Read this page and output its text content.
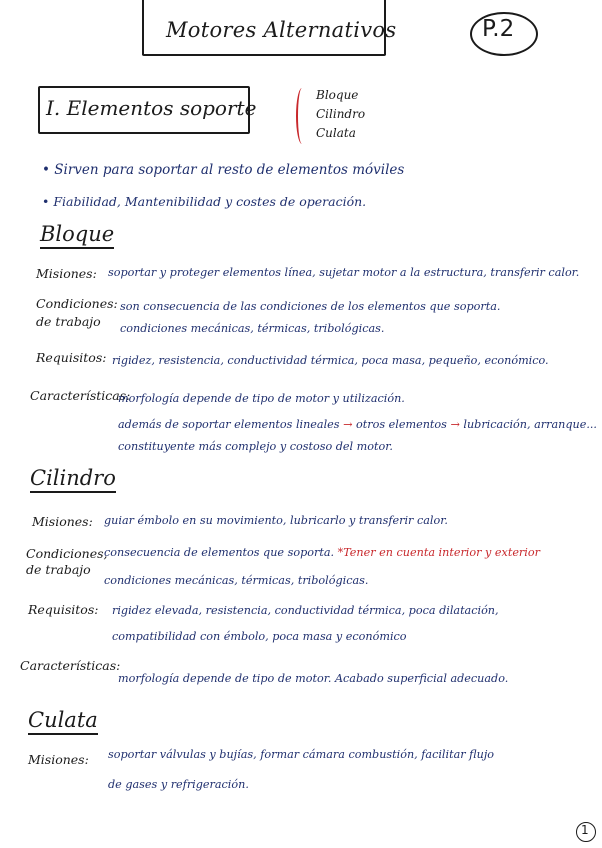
Motores Alternativos	P.2
I. Elementos soporte
Bloque
Cilindro
Culata
• Sirven para soportar al resto de elementos móviles
• Fiabilidad, Mantenibilidad y costes de operación.
Bloque
Misiones: soportar y proteger elementos línea, sujetar motor a la estructura, transferir calor.
Condiciones:
de trabajo
son consecuencia de las condiciones de los elementos que soporta.
condiciones mecánicas, térmicas, tribológicas.
Requisitos: rigidez, resistencia, conductividad térmica, poca masa, pequeño, económico.
Características:
morfología depende de tipo de motor y utilización.
además de soportar elementos lineales → otros elementos → lubricación, arranque...
constituyente más complejo y costoso del motor.
Cilindro
Misiones: guiar émbolo en su movimiento, lubricarlo y transferir calor.
Condiciones,
de trabajo
consecuencia de elementos que soporta. *Tener en cuenta interior y exterior
condiciones mecánicas, térmicas, tribológicas.
Requisitos: rigidez elevada, resistencia, conductividad térmica, poca dilatación,
compatibilidad con émbolo, poca masa y económico
Características:
morfología depende de tipo de motor. Acabado superficial adecuado.
Culata
Misiones: soportar válvulas y bujías, formar cámara combustión, facilitar flujo
de gases y refrigeración.
1
